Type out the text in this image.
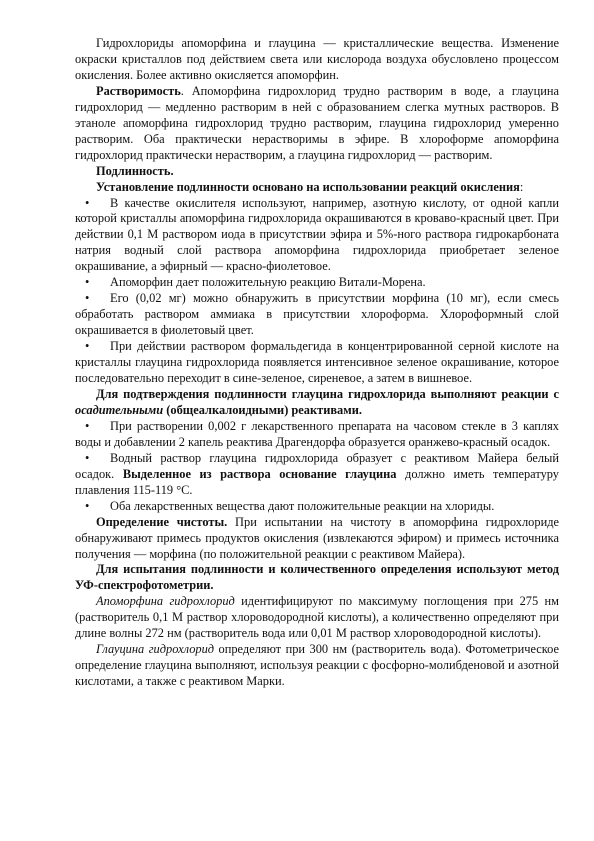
Гидрохлориды апоморфина и глауцина — кристаллические вещества. Изменение окраски кристаллов под действием света или кислорода воздуха обусловлено процессом окисления. Более активно окисляется апоморфин.

Растворимость. Апоморфина гидрохлорид трудно растворим в воде, а глауцина гидрохлорид — медленно растворим в ней с образованием слегка мутных растворов. В этаноле апоморфина гидрохлорид трудно растворим, глауцина гидрохлорид умеренно растворим. Оба практически нерастворимы в эфире. В хлороформе апоморфина гидрохлорид практически нерастворим, а глауцина гидрохлорид — растворим.

Подлинность.

Установление подлинности основано на использовании реакций окисления:

• В качестве окислителя используют, например, азотную кислоту, от одной капли которой кристаллы апоморфина гидрохлорида окрашиваются в кроваво-красный цвет. При действии 0,1 М раствором иода в присутствии эфира и 5%-ного раствора гидрокарбоната натрия водный слой раствора апоморфина гидрохлорида приобретает зеленое окрашивание, а эфирный — красно-фиолетовое.

• Апоморфин дает положительную реакцию Витали-Морена.

• Его (0,02 мг) можно обнаружить в присутствии морфина (10 мг), если смесь обработать раствором аммиака в присутствии хлороформа. Хлороформный слой окрашивается в фиолетовый цвет.

• При действии раствором формальдегида в концентрированной серной кислоте на кристаллы глауцина гидрохлорида появляется интенсивное зеленое окрашивание, которое последовательно переходит в сине-зеленое, сиреневое, а затем в вишневое.

Для подтверждения подлинности глауцина гидрохлорида выполняют реакции с осадительными (общеалкалоидными) реактивами.

• При растворении 0,002 г лекарственного препарата на часовом стекле в 3 каплях воды и добавлении 2 капель реактива Драгендорфа образуется оранжево-красный осадок.

• Водный раствор глауцина гидрохлорида образует с реактивом Майера белый осадок. Выделенное из раствора основание глауцина должно иметь температуру плавления 115-119 °С.

• Оба лекарственных вещества дают положительные реакции на хлориды.

Определение чистоты. При испытании на чистоту в апоморфина гидрохлориде обнаруживают примесь продуктов окисления (извлекаются эфиром) и примесь источника получения — морфина (по положительной реакции с реактивом Майера).

Для испытания подлинности и количественного определения используют метод УФ-спектрофотометрии.

Апоморфина гидрохлорид идентифицируют по максимуму поглощения при 275 нм (растворитель 0,1 М раствор хлороводородной кислоты), а количественно определяют при длине волны 272 нм (растворитель вода или 0,01 М раствор хлороводородной кислоты).

Глауцина гидрохлорид определяют при 300 нм (растворитель вода). Фотометрическое определение глауцина выполняют, используя реакции с фосфорно-молибденовой и азотной кислотами, а также с реактивом Марки.
